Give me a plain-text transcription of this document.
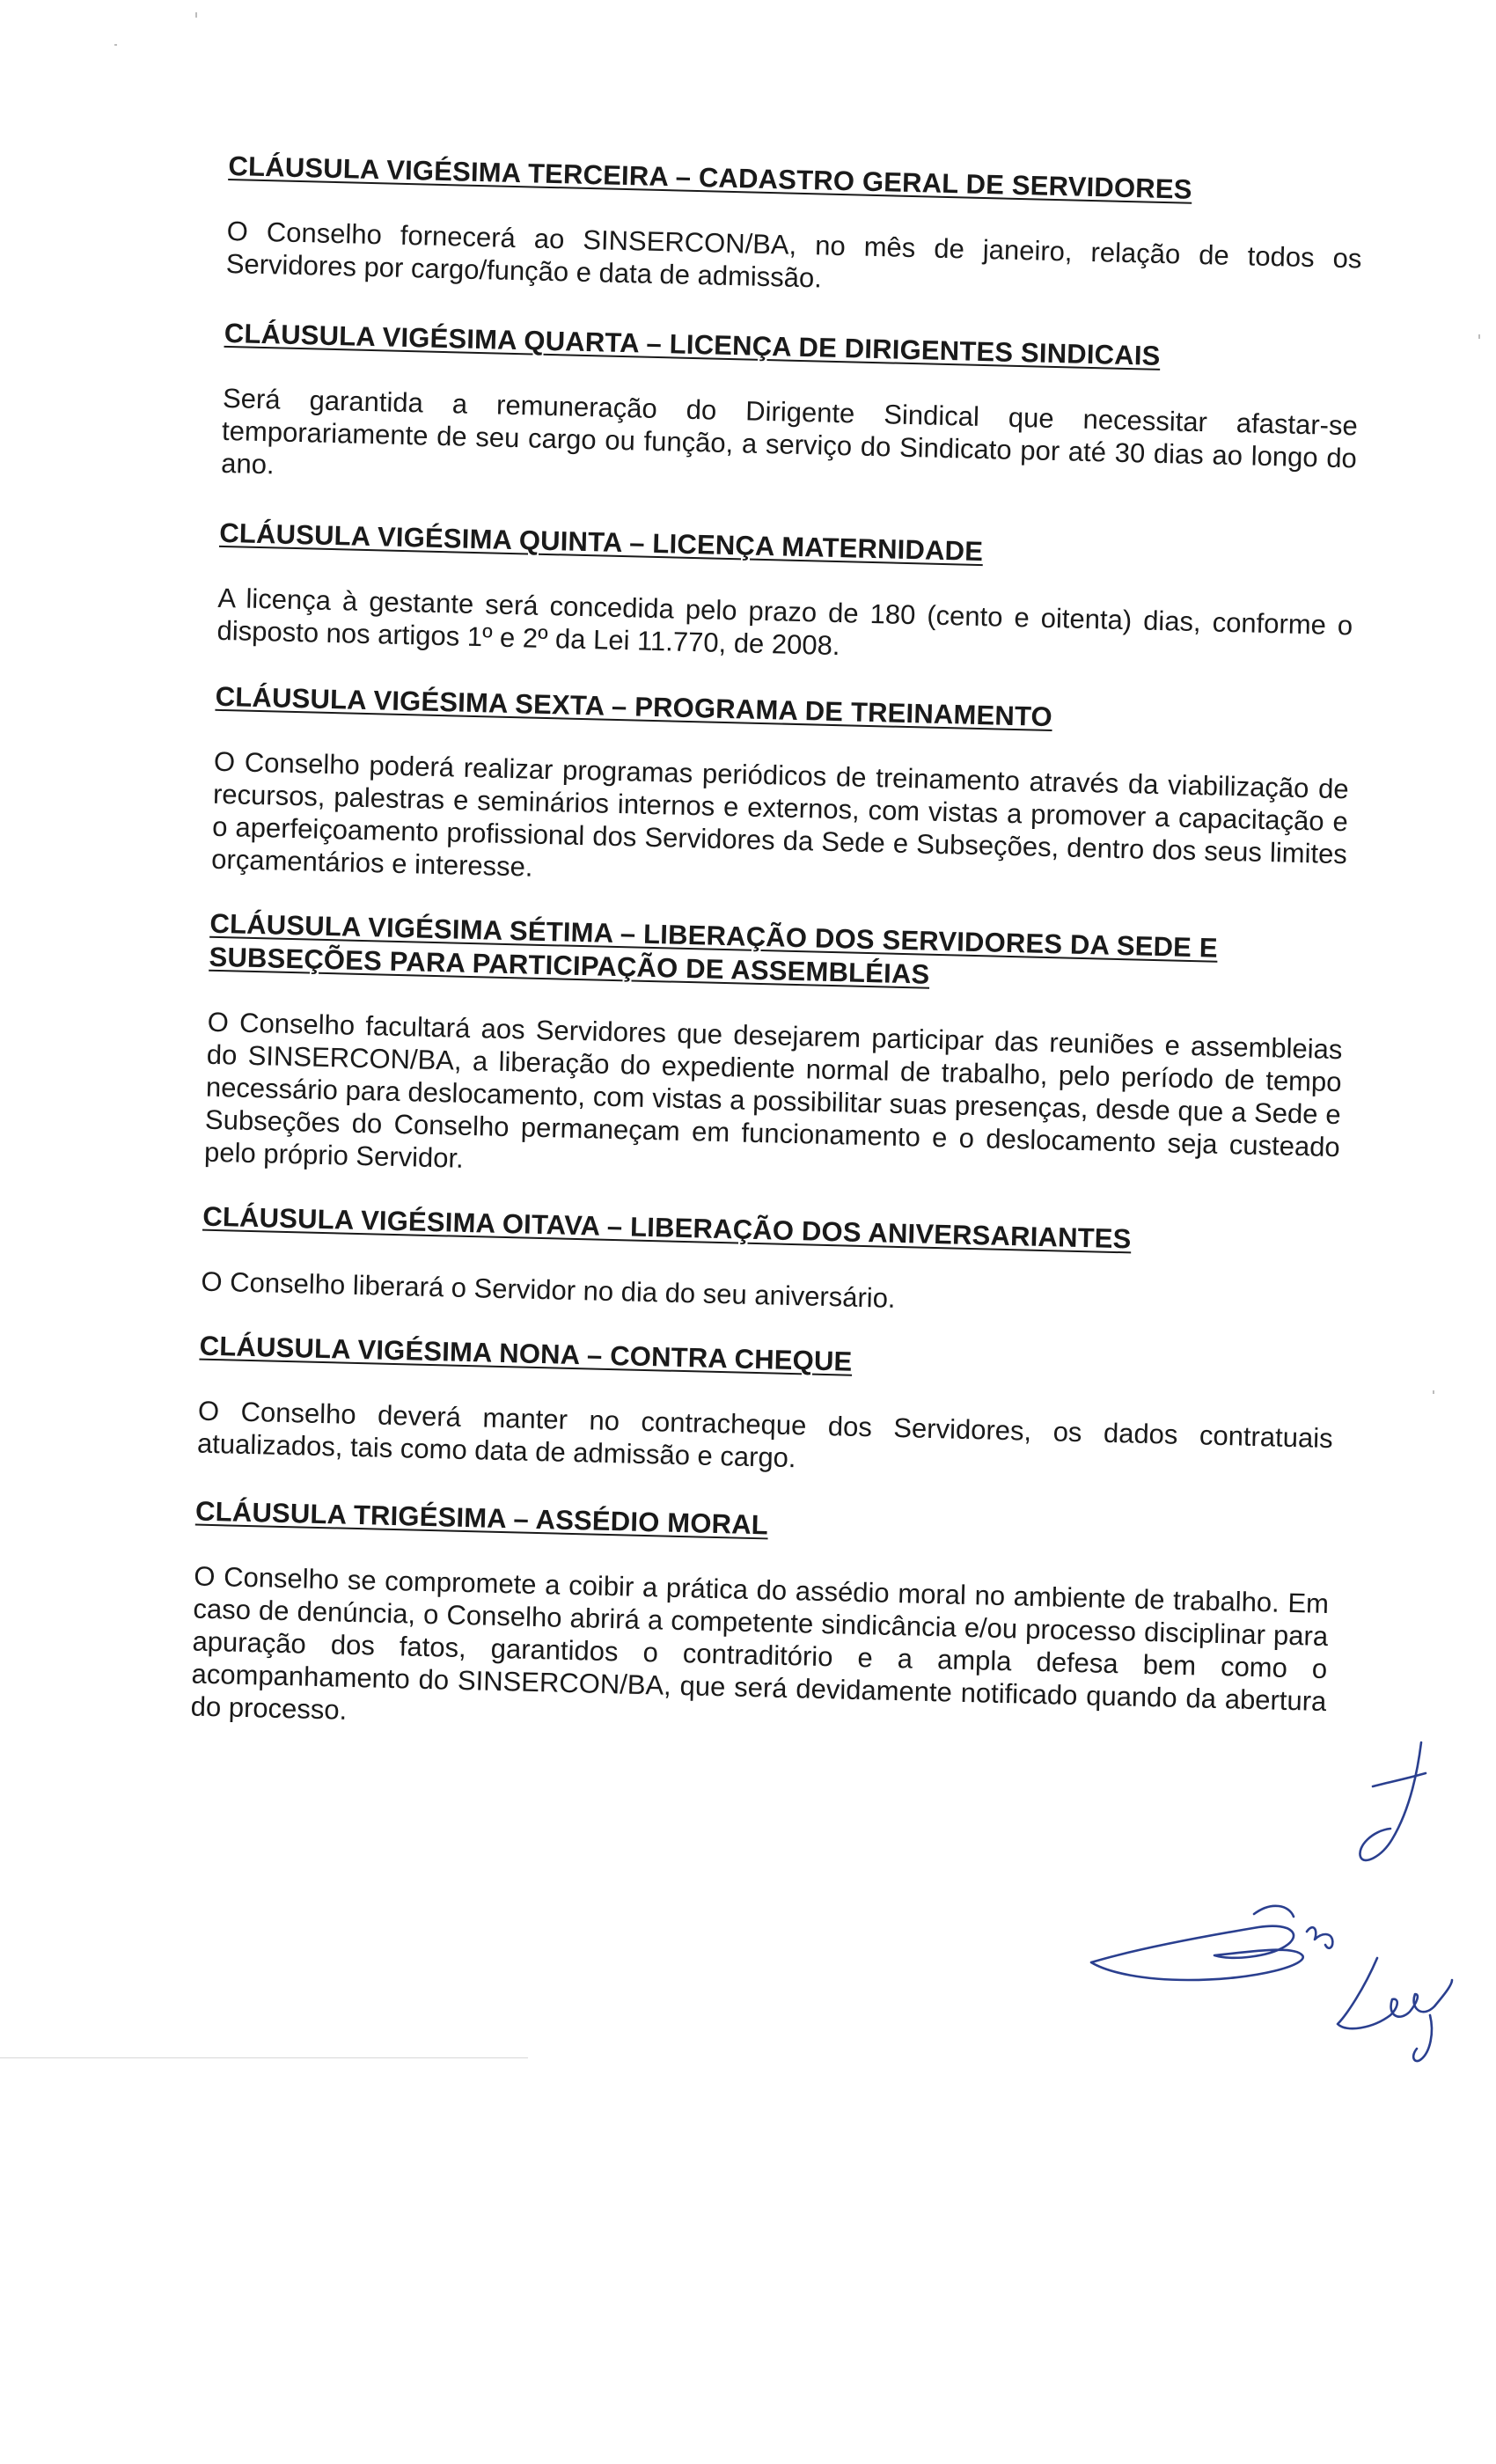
CLÁUSULA VIGÉSIMA TERCEIRA – CADASTRO GERAL DE SERVIDORES

O Conselho fornecerá ao SINSERCON/BA, no mês de janeiro, relação de todos os Servidores por cargo/função e data de admissão.

CLÁUSULA VIGÉSIMA QUARTA – LICENÇA DE DIRIGENTES SINDICAIS

Será garantida a remuneração do Dirigente Sindical que necessitar afastar-se temporariamente de seu cargo ou função, a serviço do Sindicato por até 30 dias ao longo do ano.

CLÁUSULA VIGÉSIMA QUINTA – LICENÇA MATERNIDADE

A licença à gestante será concedida pelo prazo de 180 (cento e oitenta) dias, conforme o disposto nos artigos 1º e 2º da Lei 11.770, de 2008.

CLÁUSULA VIGÉSIMA SEXTA – PROGRAMA DE TREINAMENTO

O Conselho poderá realizar programas periódicos de treinamento através da viabilização de recursos, palestras e seminários internos e externos, com vistas a promover a capacitação e o aperfeiçoamento profissional dos Servidores da Sede e Subseções, dentro dos seus limites orçamentários e interesse.

CLÁUSULA VIGÉSIMA SÉTIMA – LIBERAÇÃO DOS SERVIDORES DA SEDE E SUBSEÇÕES PARA PARTICIPAÇÃO DE ASSEMBLÉIAS

O Conselho facultará aos Servidores que desejarem participar das reuniões e assembleias do SINSERCON/BA, a liberação do expediente normal de trabalho, pelo período de tempo necessário para deslocamento, com vistas a possibilitar suas presenças, desde que a Sede e Subseções do Conselho permaneçam em funcionamento e o deslocamento seja custeado pelo próprio Servidor.

CLÁUSULA VIGÉSIMA OITAVA – LIBERAÇÃO DOS ANIVERSARIANTES

O Conselho liberará o Servidor no dia do seu aniversário.

CLÁUSULA VIGÉSIMA NONA – CONTRA CHEQUE

O Conselho deverá manter no contracheque dos Servidores, os dados contratuais atualizados, tais como data de admissão e cargo.

CLÁUSULA TRIGÉSIMA – ASSÉDIO MORAL

O Conselho se compromete a coibir a prática do assédio moral no ambiente de trabalho. Em caso de denúncia, o Conselho abrirá a competente sindicância e/ou processo disciplinar para apuração dos fatos, garantidos o contraditório e a ampla defesa bem como o acompanhamento do SINSERCON/BA, que será devidamente notificado quando da abertura do processo.
